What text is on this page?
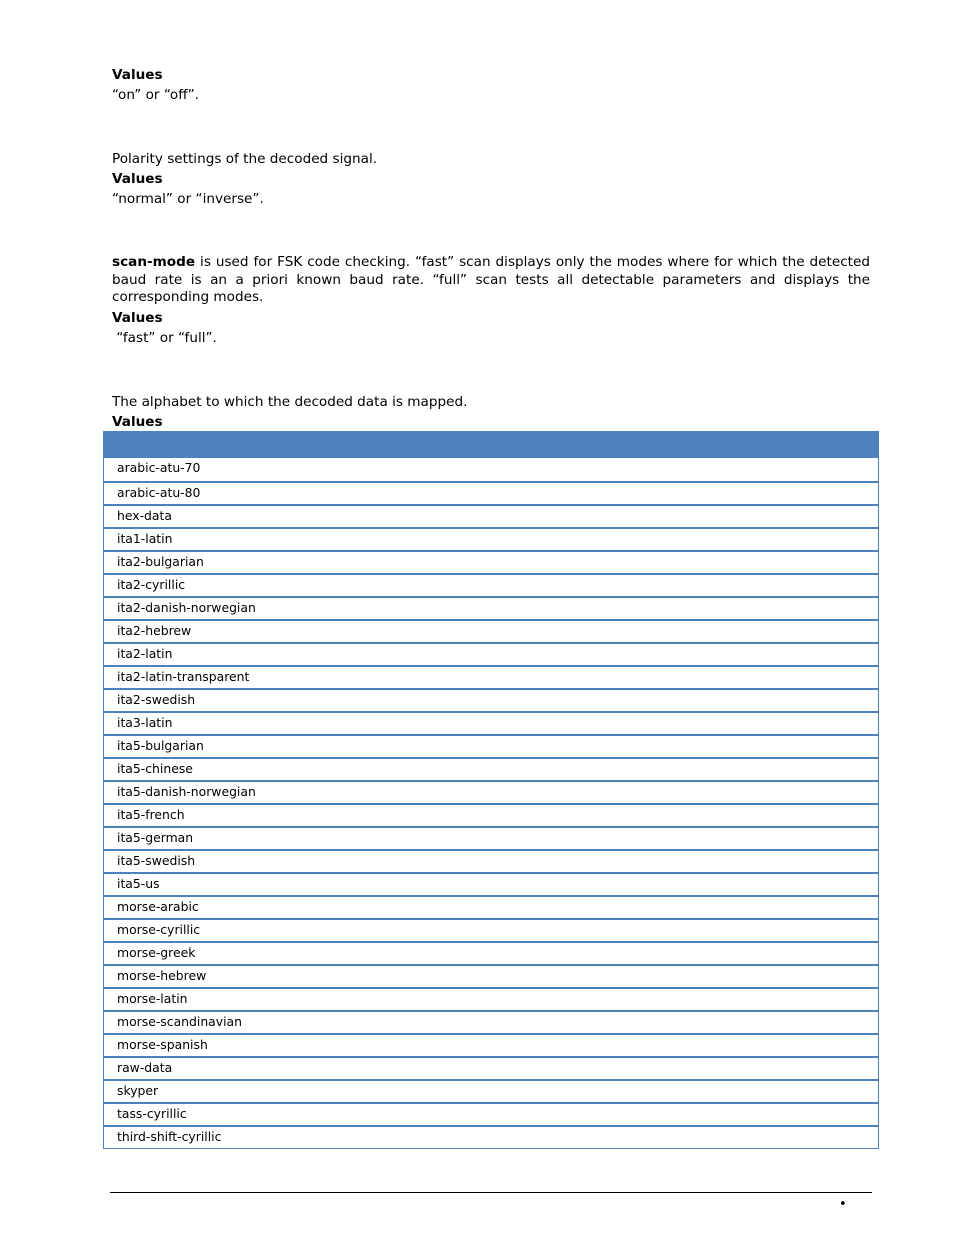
Values

“on” or “off”.

Polarity settings of the decoded signal.

Values

“normal” or “inverse”.

scan-mode is used for FSK code checking. “fast” scan displays only the modes where for which the detected baud rate is an a priori known baud rate. “full” scan tests all detectable parameters and displays the corresponding modes.

Values

“fast” or “full”.

The alphabet to which the decoded data is mapped.

Values

arabic-atu-70
arabic-atu-80
hex-data
ita1-latin
ita2-bulgarian
ita2-cyrillic
ita2-danish-norwegian
ita2-hebrew
ita2-latin
ita2-latin-transparent
ita2-swedish
ita3-latin
ita5-bulgarian
ita5-chinese
ita5-danish-norwegian
ita5-french
ita5-german
ita5-swedish
ita5-us
morse-arabic
morse-cyrillic
morse-greek
morse-hebrew
morse-latin
morse-scandinavian
morse-spanish
raw-data
skyper
tass-cyrillic
third-shift-cyrillic
•
